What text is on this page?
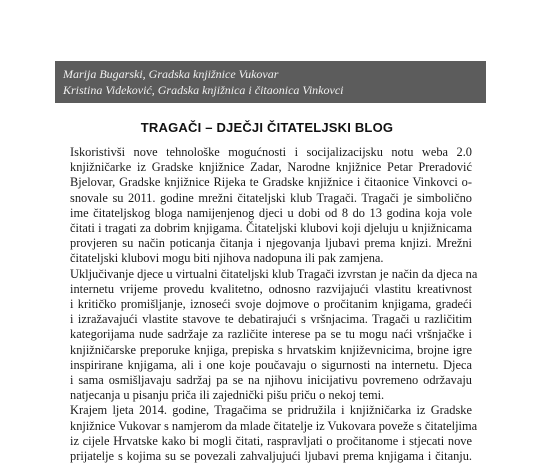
Marija Bugarski, Gradska knjižnice Vukovar
Kristina Videković, Gradska knjižnica i čitaonica Vinkovci
TRAGAČI – DJEČJI ČITATELJSKI BLOG
Iskoristivši nove tehnološke mogućnosti i socijalizacijsku notu weba 2.0
knjižničarke iz Gradske knjižnice Zadar, Narodne knjižnice Petar Preradović
Bjelovar, Gradske knjižnice Rijeka te Gradske knjižnice i čitaonice Vinkovci o-
snovale su 2011. godine mrežni čitateljski klub Tragači. Tragači je simbolično
ime čitateljskog bloga namijenjenog djeci u dobi od 8 do 13 godina koja vole
čitati i tragati za dobrim knjigama. Čitateljski klubovi koji djeluju u knjižnicama
provjeren su način poticanja čitanja i njegovanja ljubavi prema knjizi. Mrežni
čitateljski klubovi mogu biti njihova nadopuna ili pak zamjena.
Uključivanje djece u virtualni čitateljski klub Tragači izvrstan je način da djeca na
internetu vrijeme provedu kvalitetno, odnosno razvijajući vlastitu kreativnost
i kritičko promišljanje, iznoseći svoje dojmove o pročitanim knjigama, gradeći
i izražavajući vlastite stavove te debatirajući s vršnjacima. Tragači u različitim
kategorijama nude sadržaje za različite interese pa se tu mogu naći vršnjačke i
knjižničarske preporuke knjiga, prepiska s hrvatskim književnicima, brojne igre
inspirirane knjigama, ali i one koje poučavaju o sigurnosti na internetu. Djeca
i sama osmišljavaju sadržaj pa se na njihovu inicijativu povremeno održavaju
natjecanja u pisanju priča ili zajednički pišu priču o nekoj temi.
Krajem ljeta 2014. godine, Tragačima se pridružila i knjižničarka iz Gradske
knjižnice Vukovar s namjerom da mlade čitatelje iz Vukovara poveže s čitateljima
iz cijele Hrvatske kako bi mogli čitati, raspravljati o pročitanome i stjecati nove
prijatelje s kojima su se povezali zahvaljujući ljubavi prema knjigama i čitanju.
